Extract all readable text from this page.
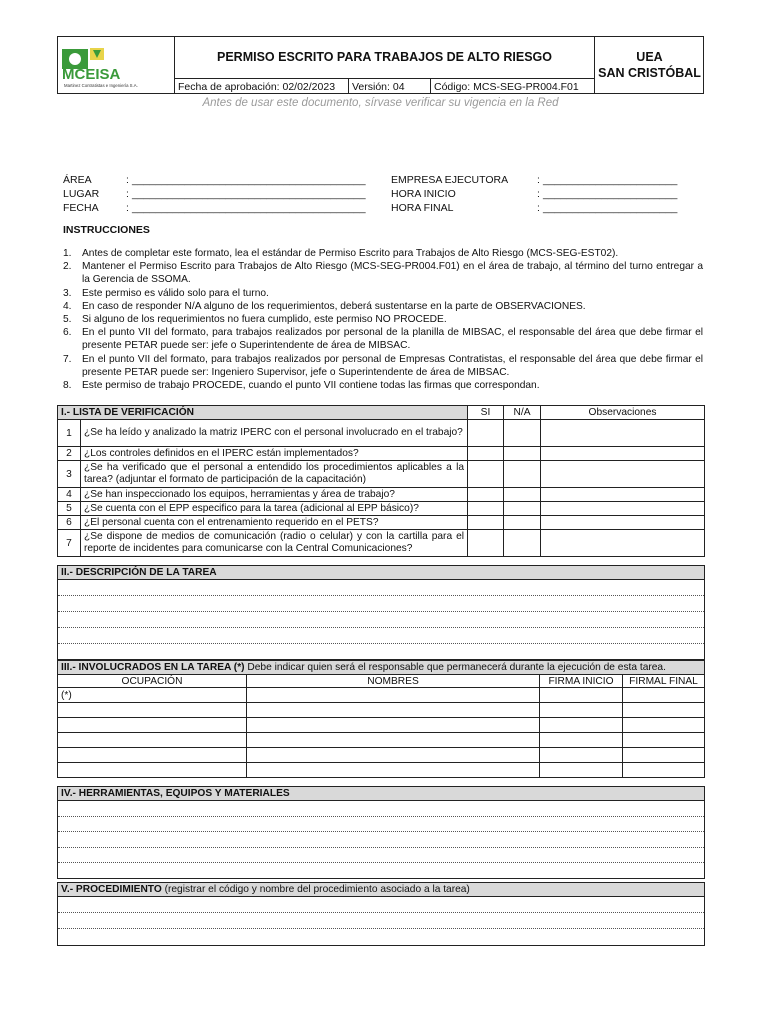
MCEISA
Martinez Contratistas e Ingeniería S.A.
PERMISO ESCRITO PARA TRABAJOS DE ALTO RIESGO
Fecha de aprobación: 02/02/2023	Versión: 04	Código: MCS-SEG-PR004.F01
UEA
SAN CRISTÓBAL
Antes de usar este documento, sírvase verificar su vigencia en la Red
ÁREA	: ________________________________________
LUGAR	: ________________________________________
FECHA	: ________________________________________
EMPRESA EJECUTORA	: _______________________
HORA INICIO	: _______________________
HORA FINAL	: _______________________
INSTRUCCIONES
1.	Antes de completar este formato, lea el estándar de Permiso Escrito para Trabajos de Alto Riesgo (MCS-SEG-EST02).
2.	Mantener el Permiso Escrito para Trabajos de Alto Riesgo (MCS-SEG-PR004.F01) en el área de trabajo, al término del turno entregar a la Gerencia de SSOMA.
3.	Este permiso es válido solo para el turno.
4.	En caso de responder N/A alguno de los requerimientos, deberá sustentarse en la parte de OBSERVACIONES.
5.	Si alguno de los requerimientos no fuera cumplido, este permiso NO PROCEDE.
6.	En el punto VII del formato, para trabajos realizados por personal de la planilla de MIBSAC, el responsable del área que debe firmar el presente PETAR puede ser: jefe o Superintendente de área de MIBSAC.
7.	En el punto VII del formato, para trabajos realizados por personal de Empresas Contratistas, el responsable del área que debe firmar el presente PETAR puede ser: Ingeniero Supervisor, jefe o Superintendente de área de MIBSAC.
8.	Este permiso de trabajo PROCEDE, cuando el punto VII contiene todas las firmas que correspondan.
I.- LISTA DE VERIFICACIÓN		SI	N/A	Observaciones
1	¿Se ha leído y analizado la matriz IPERC con el personal involucrado en el trabajo?			
2	¿Los controles definidos en el IPERC están implementados?			
3	¿Se ha verificado que el personal a entendido los procedimientos aplicables a la tarea? (adjuntar el formato de participación de la capacitación)			
4	¿Se han inspeccionado los equipos, herramientas y área de trabajo?			
5	¿Se cuenta con el EPP especifico para la tarea (adicional al EPP básico)?			
6	¿El personal cuenta con el entrenamiento requerido en el PETS?			
7	¿Se dispone de medios de comunicación (radio o celular) y con la cartilla para el reporte de incidentes para comunicarse con la Central Comunicaciones?			
II.- DESCRIPCIÓN DE LA TAREA
III.- INVOLUCRADOS EN LA TAREA (*) Debe indicar quien será el responsable que permanecerá durante la ejecución de esta tarea.			
OCUPACIÓN	NOMBRES	FIRMA INICIO	FIRMAL FINAL
(*)			

IV.- HERRAMIENTAS, EQUIPOS Y MATERIALES
V.- PROCEDIMIENTO (registrar el código y nombre del procedimiento asociado a la tarea)
